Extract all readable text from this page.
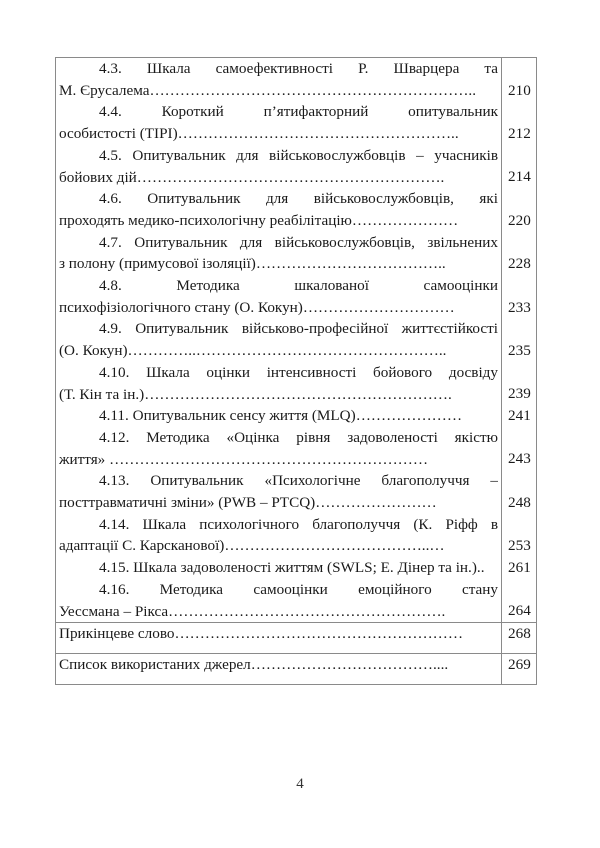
4.3. Шкала самоефективності Р. Шварцера та
М. Єрусалема………………………………………………………..
4.4. Короткий п’ятифакторний опитувальник
особистості (TIPI)………………………………………………..
4.5. Опитувальник для військовослужбовців – учасників
бойових дій…………………………………………………….
4.6. Опитувальник для військовослужбовців, які
проходять медико-психологічну реабілітацію…………………
4.7. Опитувальник для військовослужбовців, звільнених
з полону (примусової ізоляції)………………………………..
4.8. Методика шкалованої самооцінки
психофізіологічного стану (О. Кокун)…………………………
4.9. Опитувальник військово-професійної життєстійкості
(О. Кокун)…………..…………………………………………..
4.10. Шкала оцінки інтенсивності бойового досвіду
(Т. Кін та ін.)…………………………………………………….
4.11. Опитувальник сенсу життя (MLQ)…………………
4.12. Методика «Оцінка рівня задоволеності якістю
життя» ………………………………………………………
4.13. Опитувальник «Психологічне благополуччя –
посттравматичні зміни» (PWB – PTCQ)……………………
4.14. Шкала психологічного благополуччя (К. Ріфф в
адаптації С. Карсканової)…………………………………..…
4.15. Шкала задоволеності життям (SWLS; Е. Дінер та ін.)..
4.16. Методика самооцінки емоційного стану
Уессмана – Рікса……………………………………………….
210
212
214
220
228
233
235
239
241
243
248
253
261
264
Прикінцеве слово…………………………………………………	268
Список використаних джерел………………………………....	269
4
